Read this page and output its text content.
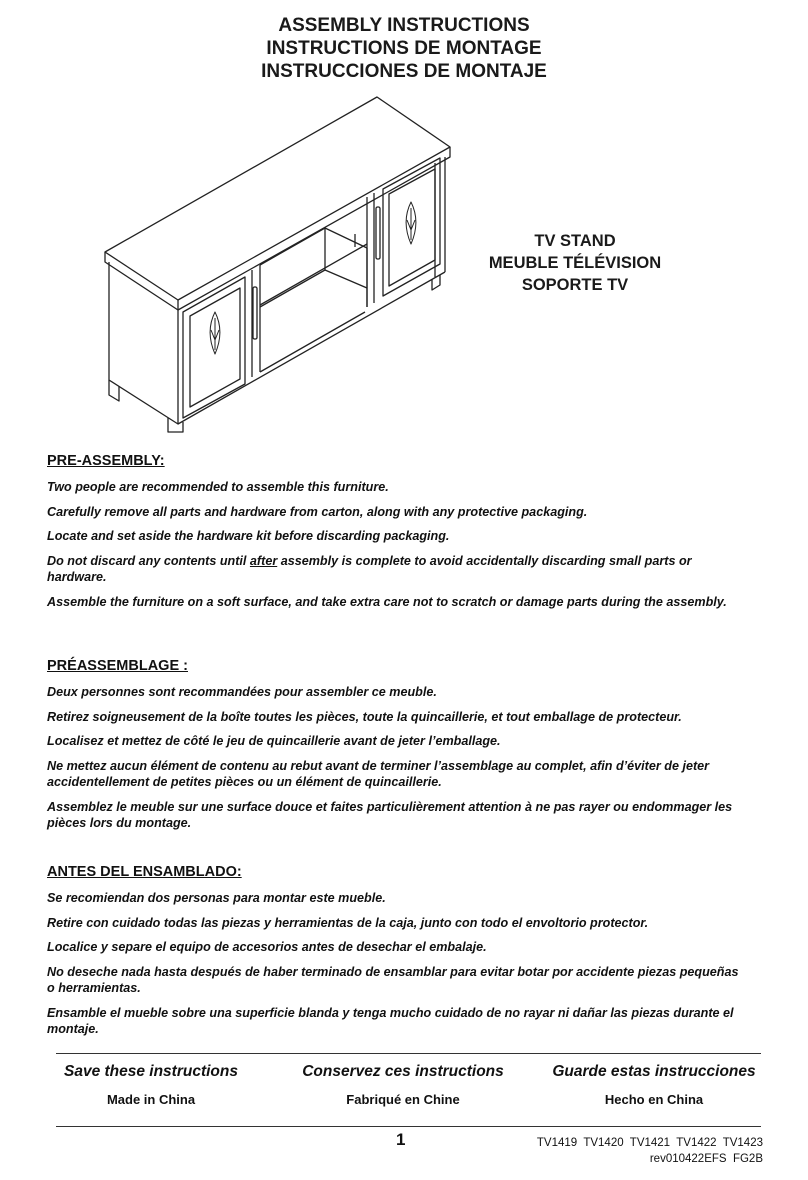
ASSEMBLY INSTRUCTIONS
INSTRUCTIONS DE MONTAGE
INSTRUCCIONES DE MONTAJE
TV STAND
MEUBLE TÉLÉVISION
SOPORTE TV
PRE-ASSEMBLY:

Two people are recommended to assemble this furniture.

Carefully remove all parts and hardware from carton, along with any protective packaging.

Locate and set aside the hardware kit before discarding packaging.

Do not discard any contents until after assembly is complete to avoid accidentally discarding small parts or hardware.

Assemble the furniture on a soft surface, and take extra care not to scratch or damage parts during the assembly.

PRÉASSEMBLAGE :

Deux personnes sont recommandées pour assembler ce meuble.

Retirez soigneusement de la boîte toutes les pièces, toute la quincaillerie, et tout emballage de protecteur.

Localisez et mettez de côté le jeu de quincaillerie avant de jeter l’emballage.

Ne mettez aucun élément de contenu au rebut avant de terminer l’assemblage au complet, afin d’éviter de jeter accidentellement de petites pièces ou un élément de quincaillerie.

Assemblez le meuble sur une surface douce et faites particulièrement attention à ne pas rayer ou endommager les pièces lors du montage.

ANTES DEL ENSAMBLADO:

Se recomiendan dos personas para montar este mueble.

Retire con cuidado todas las piezas y herramientas de la caja, junto con todo el envoltorio protector.

Localice y separe el equipo de accesorios antes de desechar el embalaje.

No deseche nada hasta después de haber terminado de ensamblar para evitar botar por accidente piezas pequeñas o herramientas.

Ensamble el mueble sobre una superficie blanda y tenga mucho cuidado de no rayar ni dañar las piezas durante el montaje.

Save these instructions
Made in China
Conservez ces instructions
Fabriqué en Chine
Guarde estas instrucciones
Hecho en China
1	TV1419  TV1420  TV1421  TV1422  TV1423
rev010422EFS  FG2B
